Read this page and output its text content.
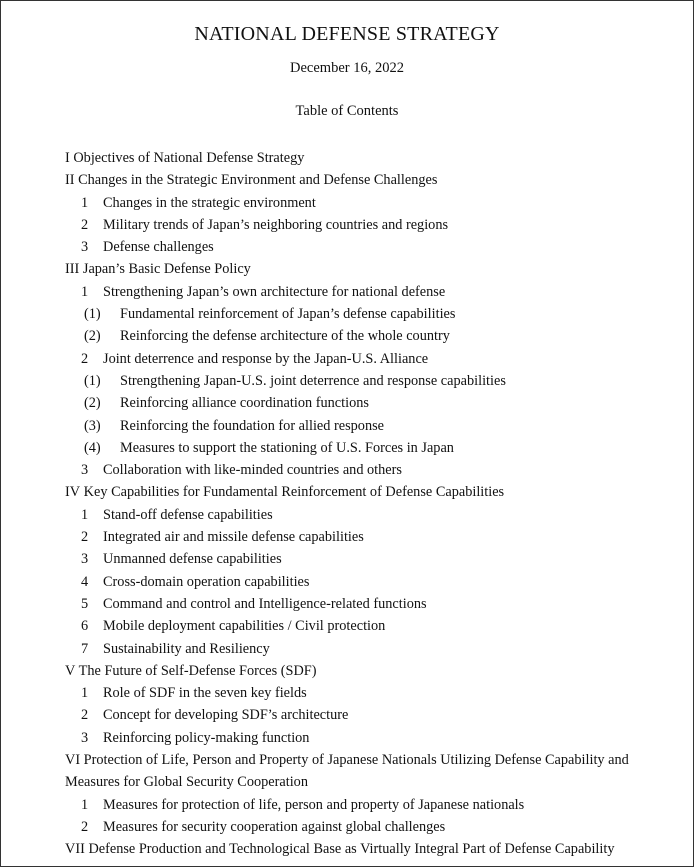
NATIONAL DEFENSE STRATEGY
December 16, 2022
Table of Contents
I Objectives of National Defense Strategy
II Changes in the Strategic Environment and Defense Challenges
1 Changes in the strategic environment
2 Military trends of Japan’s neighboring countries and regions
3 Defense challenges
III Japan’s Basic Defense Policy
1 Strengthening Japan’s own architecture for national defense
(1) Fundamental reinforcement of Japan’s defense capabilities
(2) Reinforcing the defense architecture of the whole country
2 Joint deterrence and response by the Japan-U.S. Alliance
(1) Strengthening Japan-U.S. joint deterrence and response capabilities
(2) Reinforcing alliance coordination functions
(3) Reinforcing the foundation for allied response
(4) Measures to support the stationing of U.S. Forces in Japan
3 Collaboration with like-minded countries and others
IV Key Capabilities for Fundamental Reinforcement of Defense Capabilities
1 Stand-off defense capabilities
2 Integrated air and missile defense capabilities
3 Unmanned defense capabilities
4 Cross-domain operation capabilities
5 Command and control and Intelligence-related functions
6 Mobile deployment capabilities / Civil protection
7 Sustainability and Resiliency
V The Future of Self-Defense Forces (SDF)
1 Role of SDF in the seven key fields
2 Concept for developing SDF’s architecture
3 Reinforcing policy-making function
VI Protection of Life, Person and Property of Japanese Nationals Utilizing Defense Capability and Measures for Global Security Cooperation
1 Measures for protection of life, person and property of Japanese nationals
2 Measures for security cooperation against global challenges
VII Defense Production and Technological Base as Virtually Integral Part of Defense Capability
